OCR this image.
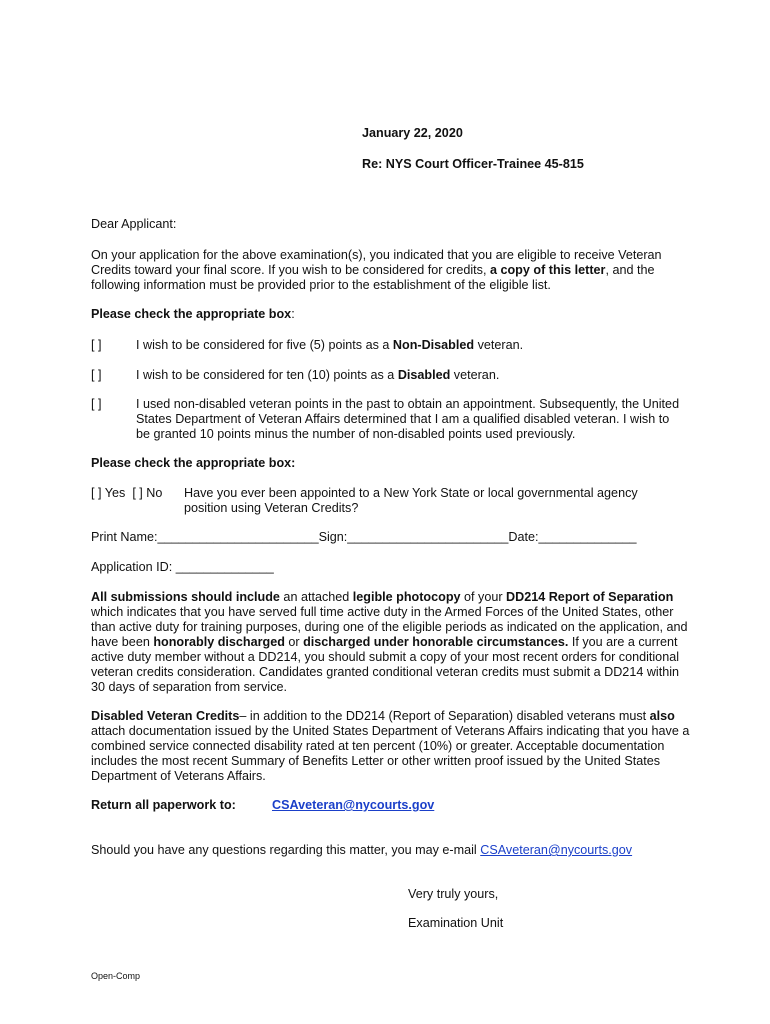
January 22, 2020
Re: NYS Court Officer-Trainee 45-815
Dear Applicant:
On your application for the above examination(s), you indicated that you are eligible to receive Veteran Credits toward your final score. If you wish to be considered for credits, a copy of this letter, and the following information must be provided prior to the establishment of the eligible list.
Please check the appropriate box:
[ ]	I wish to be considered for five (5) points as a Non-Disabled veteran.
[ ]	I wish to be considered for ten (10) points as a Disabled veteran.
[ ]	I used non-disabled veteran points in the past to obtain an appointment. Subsequently, the United States Department of Veteran Affairs determined that I am a qualified disabled veteran. I wish to be granted 10 points minus the number of non-disabled points used previously.
Please check the appropriate box:
[ ] Yes [ ] No Have you ever been appointed to a New York State or local governmental agency position using Veteran Credits?
Print Name:_______________________Sign:_______________________Date:______________
Application ID: ______________
All submissions should include an attached legible photocopy of your DD214 Report of Separation which indicates that you have served full time active duty in the Armed Forces of the United States, other than active duty for training purposes, during one of the eligible periods as indicated on the application, and have been honorably discharged or discharged under honorable circumstances. If you are a current active duty member without a DD214, you should submit a copy of your most recent orders for conditional veteran credits consideration. Candidates granted conditional veteran credits must submit a DD214 within 30 days of separation from service.
Disabled Veteran Credits– in addition to the DD214 (Report of Separation) disabled veterans must also attach documentation issued by the United States Department of Veterans Affairs indicating that you have a combined service connected disability rated at ten percent (10%) or greater. Acceptable documentation includes the most recent Summary of Benefits Letter or other written proof issued by the United States Department of Veterans Affairs.
Return all paperwork to:	CSAveteran@nycourts.gov
Should you have any questions regarding this matter, you may e-mail CSAveteran@nycourts.gov
Very truly yours,
Examination Unit
Open-Comp
